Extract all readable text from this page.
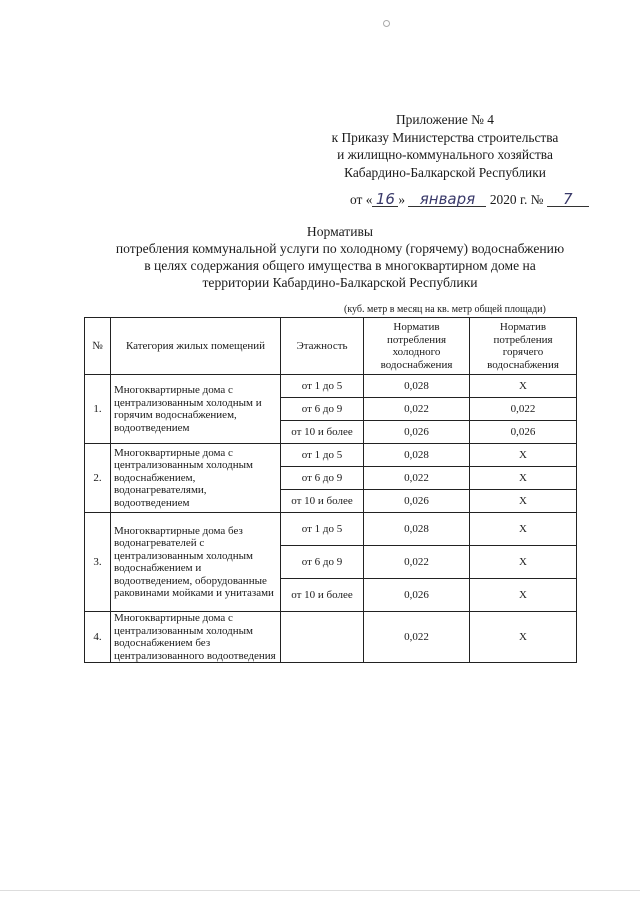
Приложение № 4
к Приказу Министерства строительства
и жилищно-коммунального хозяйства
Кабардино-Балкарской Республики
от « 16 » января 2020 г. № 7
Нормативы
потребления коммунальной услуги по холодному (горячему) водоснабжению
в целях содержания общего имущества в многоквартирном доме на
территории Кабардино-Балкарской Республики
(куб. метр в месяц на кв. метр общей площади)
№	Категория жилых помещений	Этажность	Норматив потребления холодного водоснабжения	Норматив потребления горячего водоснабжения
1.	Многоквартирные дома с централизованным холодным и горячим водоснабжением, водоотведением	от 1 до 5	0,028	X
		от 6 до 9	0,022	0,022
		от 10 и более	0,026	0,026
2.	Многоквартирные дома с централизованным холодным водоснабжением, водонагревателями, водоотведением	от 1 до 5	0,028	X
		от 6 до 9	0,022	X
		от 10 и более	0,026	X
3.	Многоквартирные дома без водонагревателей с централизованным холодным водоснабжением и водоотведением, оборудованные раковинами мойками и унитазами	от 1 до 5	0,028	X
		от 6 до 9	0,022	X
		от 10 и более	0,026	X
4.	Многоквартирные дома с централизованным холодным водоснабжением без централизованного водоотведения		0,022	X
